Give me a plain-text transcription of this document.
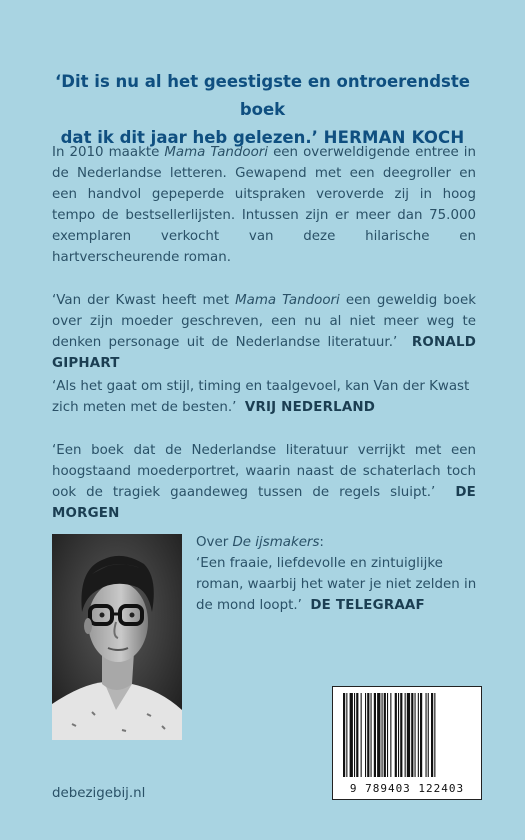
‘Dit is nu al het geestigste en ontroerendste boek
dat ik dit jaar heb gelezen.’ HERMAN KOCH

In 2010 maakte Mama Tandoori een overweldigende entree in de Nederlandse letteren. Gewapend met een deegroller en een handvol gepeperde uitspraken veroverde zij in hoog tempo de bestsellerlijsten. Intussen zijn er meer dan 75.000 exemplaren verkocht van deze hilarische en hartverscheurende roman.

‘Van der Kwast heeft met Mama Tandoori een geweldig boek over zijn moeder geschreven, een nu al niet meer weg te denken personage uit de Nederlandse literatuur.’ RONALD GIPHART

‘Als het gaat om stijl, timing en taalgevoel, kan Van der Kwast zich meten met de besten.’ VRIJ NEDERLAND

‘Een boek dat de Nederlandse literatuur verrijkt met een hoogstaand moederportret, waarin naast de schaterlach toch ook de tragiek gaandeweg tussen de regels sluipt.’ DE MORGEN

Over De ijsmakers:
‘Een fraaie, liefdevolle en zintuiglijke roman, waarbij het water je niet zelden in de mond loopt.’ DE TELEGRAAF
9 789403 122403
debezigebij.nl
